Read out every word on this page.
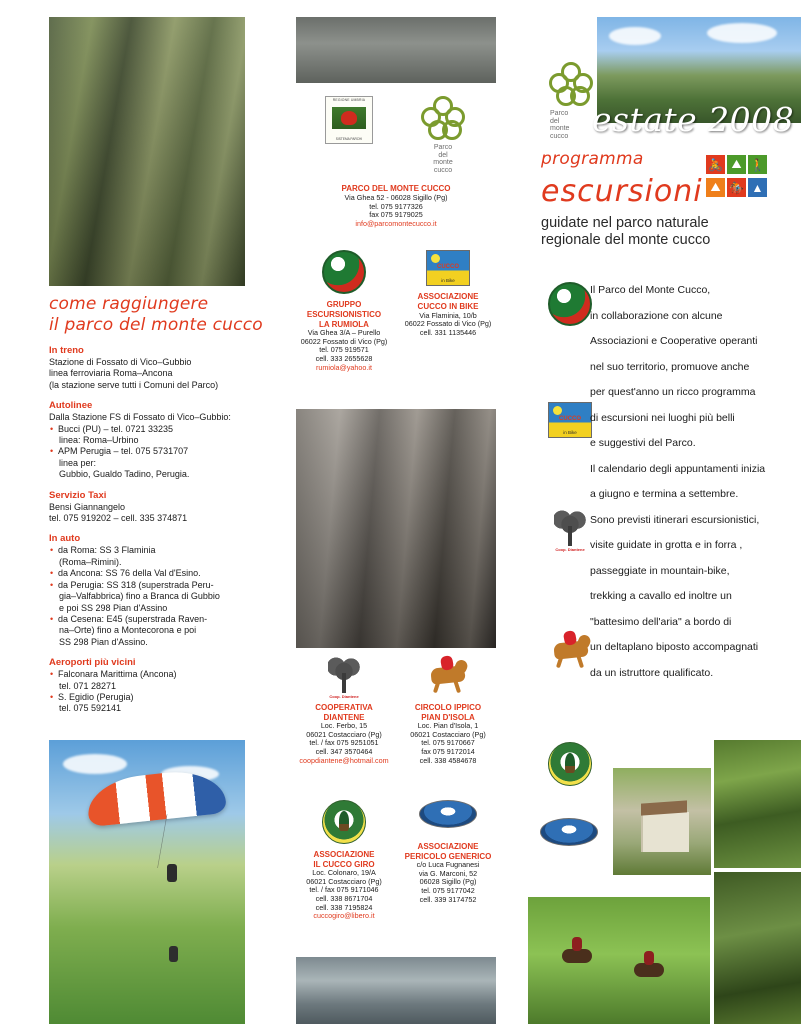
come raggiungere
il parco del monte cucco
In treno
Stazione di Fossato di Vico–Gubbio
linea ferroviaria Roma–Ancona
(la stazione serve tutti i Comuni del Parco)
Autolinee
Dalla Stazione FS di Fossato di Vico–Gubbio:
• Bucci (PU) – tel. 0721 33235
linea: Roma–Urbino
• APM Perugia – tel. 075 5731707
linea per:
Gubbio, Gualdo Tadino, Perugia.
Servizio Taxi
Bensi Giannangelo
tel. 075 919202 – cell. 335 374871
In auto
• da Roma: SS 3 Flaminia
(Roma–Rimini).
• da Ancona: SS 76 della Val d'Esino.
• da Perugia: SS 318 (superstrada Peru-
gia–Valfabbrica) fino a Branca di Gubbio
e poi SS 298 Pian d'Assino
• da Cesena: E45 (superstrada Raven-
na–Orte) fino a Montecorona e poi
SS 298 Pian d'Assino.
Aeroporti più vicini
• Falconara Marittima (Ancona)
tel. 071 28271
• S. Egidio (Perugia)
tel. 075 592141
REGIONE UMBRIA
SISTEMA PARCHI
Parco
del
monte
cucco
PARCO DEL MONTE CUCCO
Via Ghea 52 - 06028 Sigillo (Pg)
tel. 075 9177326
fax 075 9179025
info@parcomontecucco.it
GRUPPO ESCURSIONISTICO
LA RUMIOLA
Via Ghea 3/A – Purello
06022 Fossato di Vico (Pg)
tel. 075 919571
cell. 333 2655628
rumiola@yahoo.it
CUCCO
in Bike
ASSOCIAZIONE
CUCCO IN BIKE
Via Flaminia, 10/b
06022 Fossato di Vico (Pg)
cell. 331 1135446
Coop. Diantene
COOPERATIVA
DIANTENE
Loc. Ferbo, 15
06021 Costacciaro (Pg)
tel. / fax 075 9251051
cell. 347 3570464
coopdiantene@hotmail.com
CIRCOLO IPPICO
PIAN D'ISOLA
Loc. Pian d'Isola, 1
06021 Costacciaro (Pg)
tel. 075 9170667
fax 075 9172014
cell. 338 4584678
ASSOCIAZIONE
IL CUCCO GIRO
Loc. Colonaro, 19/A
06021 Costacciaro (Pg)
tel. / fax 075 9171046
cell. 338 8671704
cell. 338 7195824
cuccogiro@libero.it
ASSOCIAZIONE
PERICOLO GENERICO
c/o Luca Fugnanesi
via G. Marconi, 52
06028 Sigillo (Pg)
tel. 075 9177042
cell. 339 3174752
Parco
del
monte
cucco estate 2008
programma
escursioni
🚴 ⛰ 🚶
⛰ 🏇 ▲
guidate nel parco naturale
regionale del monte cucco
CUCCO
in Bike
Coop. Diantene

Il Parco del Monte Cucco,

in collaborazione con alcune

Associazioni e Cooperative operanti

nel suo territorio, promuove anche

per quest'anno un ricco programma

di escursioni nei luoghi più belli

e suggestivi del Parco.

Il calendario degli appuntamenti inizia

a giugno e termina a settembre.

Sono previsti itinerari escursionistici,

visite guidate in grotta e in forra ,

passeggiate in mountain-bike,

trekking a cavallo ed inoltre un

"battesimo dell'aria" a bordo di

un deltaplano biposto accompagnati

da un istruttore qualificato.
